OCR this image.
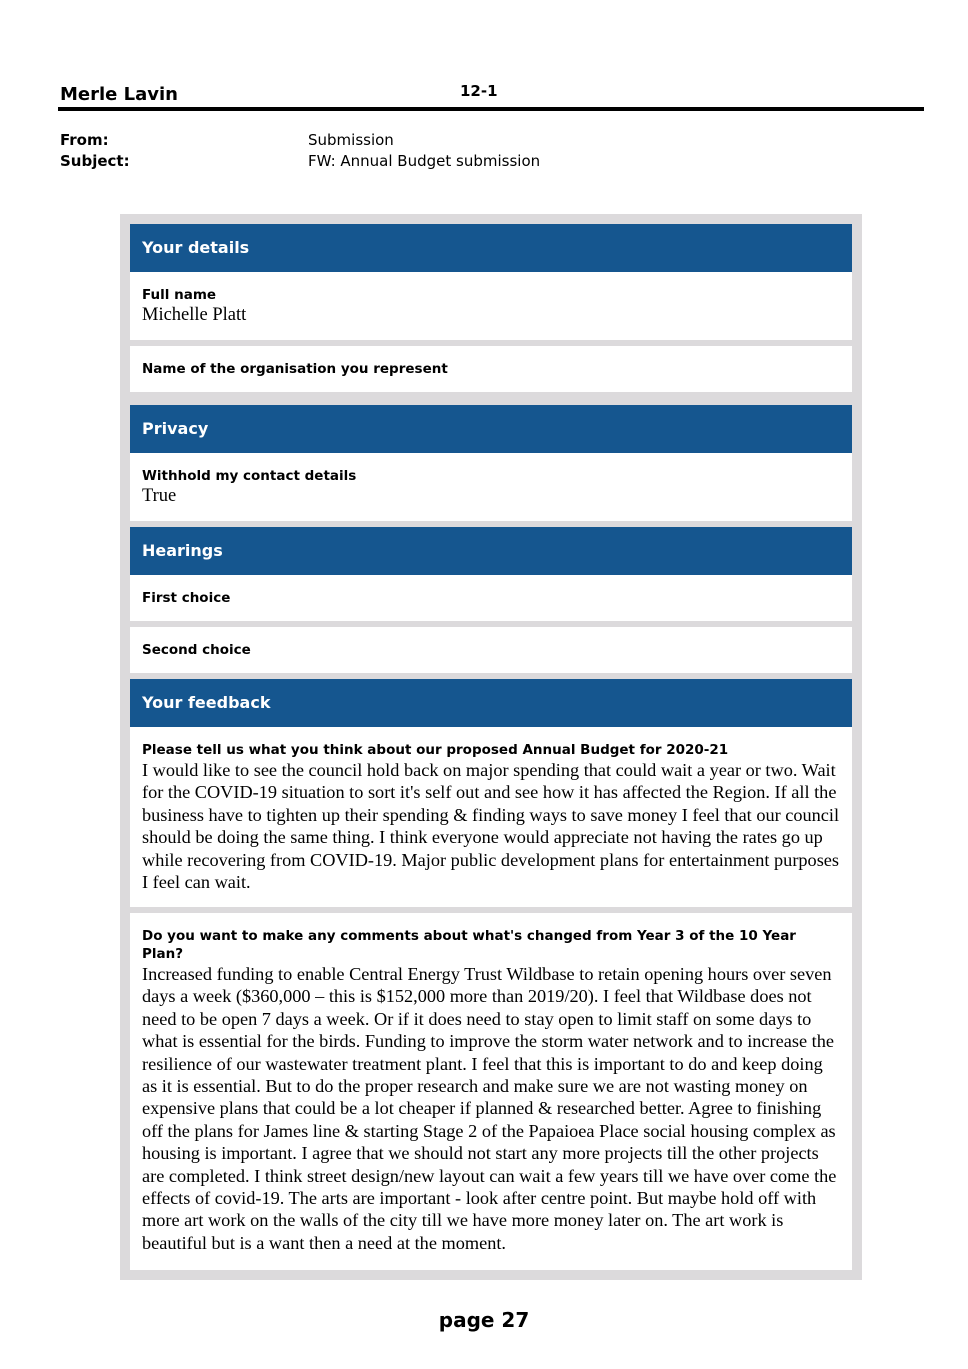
Merle Lavin	12-1
From:	Submission
Subject:	FW: Annual Budget submission
Your details
Full name
Michelle Platt
Name of the organisation you represent
Privacy
Withhold my contact details
True
Hearings
First choice
Second choice
Your feedback
Please tell us what you think about our proposed Annual Budget for 2020-21
I would like to see the council hold back on major spending that could wait a year or two. Wait for the COVID-19 situation to sort it's self out and see how it has affected the Region. If all the business have to tighten up their spending & finding ways to save money I feel that our council should be doing the same thing. I think everyone would appreciate not having the rates go up while recovering from COVID-19. Major public development plans for entertainment purposes I feel can wait.
Do you want to make any comments about what's changed from Year 3 of the 10 Year Plan?
Increased funding to enable Central Energy Trust Wildbase to retain opening hours over seven days a week ($360,000 – this is $152,000 more than 2019/20). I feel that Wildbase does not need to be open 7 days a week. Or if it does need to stay open to limit staff on some days to what is essential for the birds. Funding to improve the storm water network and to increase the resilience of our wastewater treatment plant. I feel that this is important to do and keep doing as it is essential. But to do the proper research and make sure we are not wasting money on expensive plans that could be a lot cheaper if planned & researched better. Agree to finishing off the plans for James line & starting Stage 2 of the Papaioea Place social housing complex as housing is important. I agree that we should not start any more projects till the other projects are completed. I think street design/new layout can wait a few years till we have over come the effects of covid-19. The arts are important - look after centre point. But maybe hold off with more art work on the walls of the city till we have more money later on. The art work is beautiful but is a want then a need at the moment.
page 27
